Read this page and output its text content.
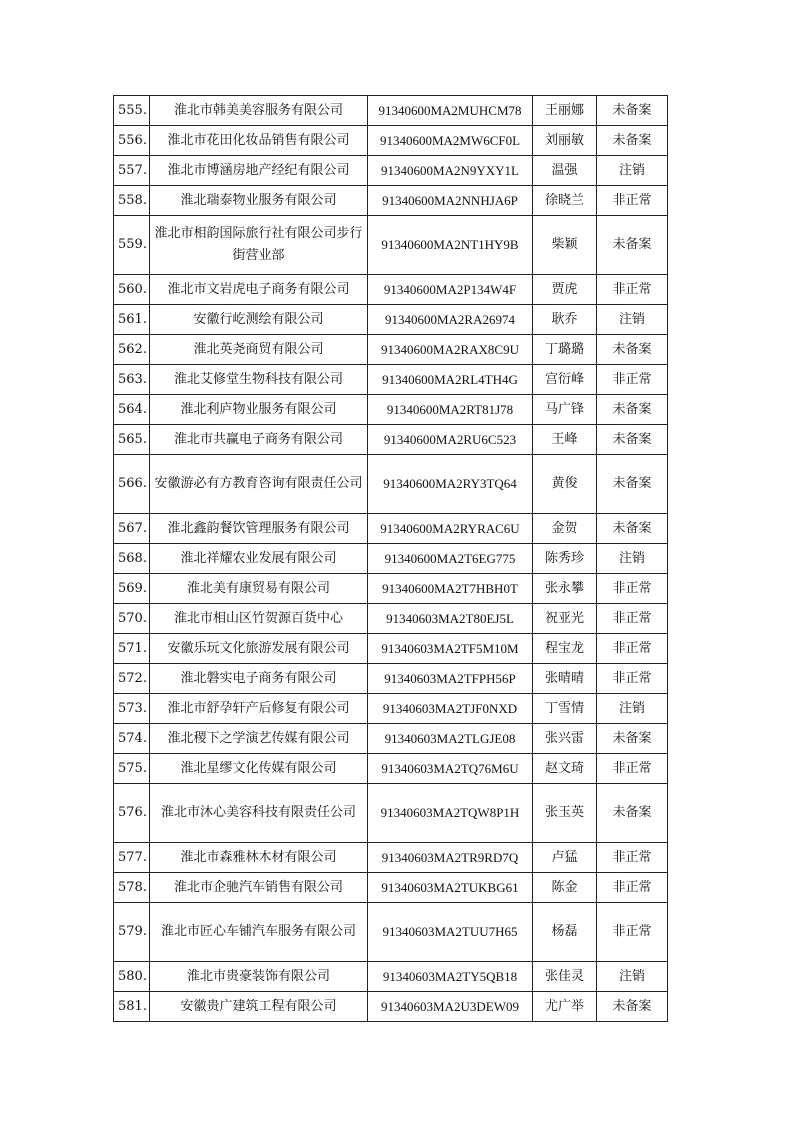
555.	淮北市韩美美容服务有限公司	91340600MA2MUHCM78	王丽娜	未备案
556.	淮北市花田化妆品销售有限公司	91340600MA2MW6CF0L	刘丽敏	未备案
557.	淮北市博涵房地产经纪有限公司	91340600MA2N9YXY1L	温强	注销
558.	淮北瑞泰物业服务有限公司	91340600MA2NNHJA6P	徐晓兰	非正常
559.	淮北市相韵国际旅行社有限公司步行街营业部	91340600MA2NT1HY9B	柴颖	未备案
560.	淮北市文岩虎电子商务有限公司	91340600MA2P134W4F	贾虎	非正常
561.	安徽行屹测绘有限公司	91340600MA2RA26974	耿乔	注销
562.	淮北英尧商贸有限公司	91340600MA2RAX8C9U	丁璐璐	未备案
563.	淮北艾修堂生物科技有限公司	91340600MA2RL4TH4G	宫衍峰	非正常
564.	淮北利庐物业服务有限公司	91340600MA2RT81J78	马广锋	未备案
565.	淮北市共赢电子商务有限公司	91340600MA2RU6C523	王峰	未备案
566.	安徽游必有方教育咨询有限责任公司	91340600MA2RY3TQ64	黄俊	未备案
567.	淮北鑫韵餐饮管理服务有限公司	91340600MA2RYRAC6U	金贺	未备案
568.	淮北祥耀农业发展有限公司	91340600MA2T6EG775	陈秀珍	注销
569.	淮北美有康贸易有限公司	91340600MA2T7HBH0T	张永攀	非正常
570.	淮北市相山区竹贺源百货中心	91340603MA2T80EJ5L	祝亚光	非正常
571.	安徽乐玩文化旅游发展有限公司	91340603MA2TF5M10M	程宝龙	非正常
572.	淮北磐实电子商务有限公司	91340603MA2TFPH56P	张晴晴	非正常
573.	淮北市舒孕轩产后修复有限公司	91340603MA2TJF0NXD	丁雪情	注销
574.	淮北稷下之学演艺传媒有限公司	91340603MA2TLGJE08	张兴雷	未备案
575.	淮北星缪文化传媒有限公司	91340603MA2TQ76M6U	赵文琦	非正常
576.	淮北市沐心美容科技有限责任公司	91340603MA2TQW8P1H	张玉英	未备案
577.	淮北市森雅林木材有限公司	91340603MA2TR9RD7Q	卢猛	非正常
578.	淮北市企驰汽车销售有限公司	91340603MA2TUKBG61	陈金	非正常
579.	淮北市匠心车铺汽车服务有限公司	91340603MA2TUU7H65	杨磊	非正常
580.	淮北市贵豪装饰有限公司	91340603MA2TY5QB18	张佳灵	注销
581.	安徽贵广建筑工程有限公司	91340603MA2U3DEW09	尤广举	未备案
